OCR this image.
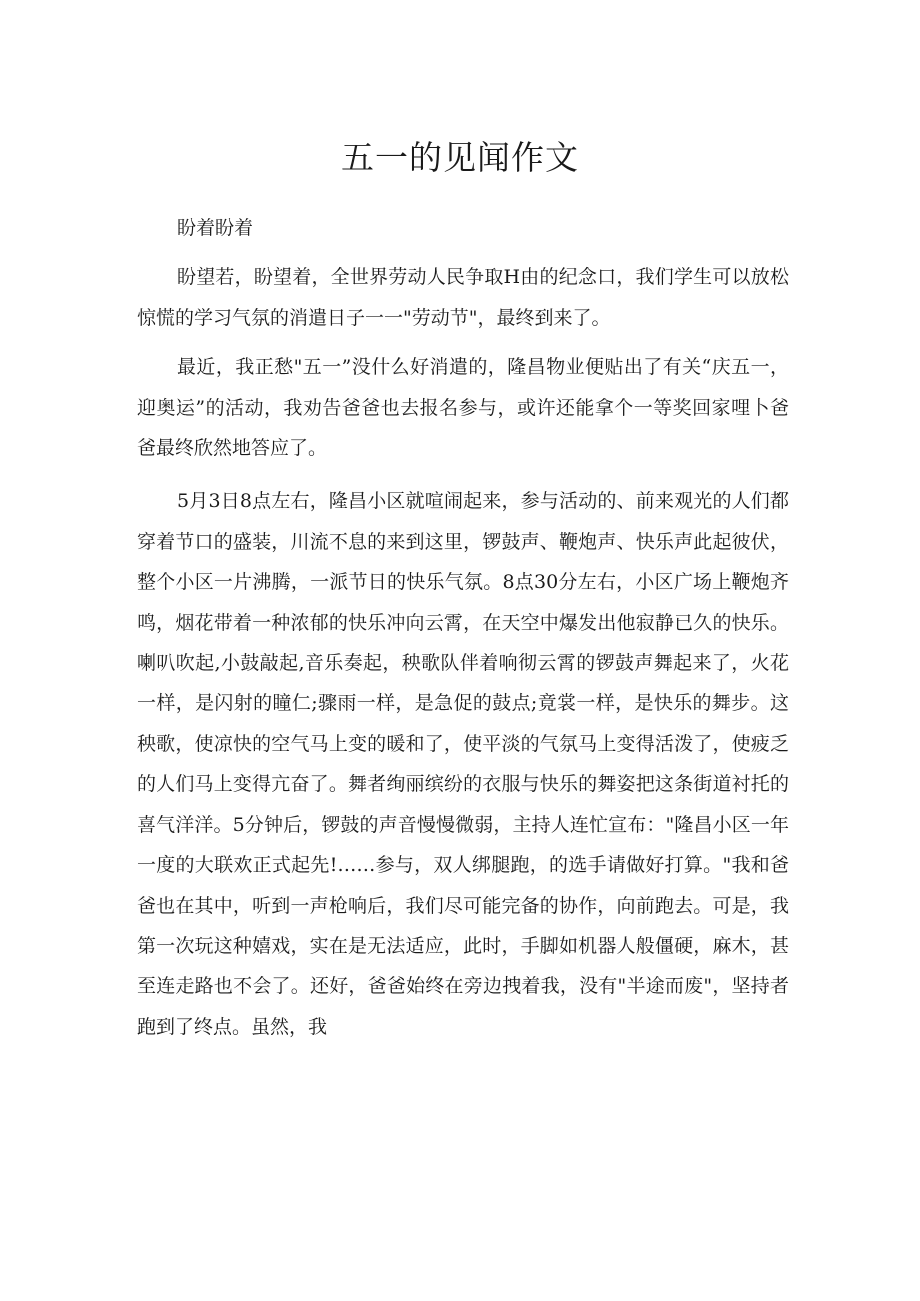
五一的见闻作文

盼着盼着

盼望若，盼望着，全世界劳动人民争取H由的纪念口，我们学生可以放松惊慌的学习气氛的消遣日子一一"劳动节"，最终到来了。

最近，我正愁"五一”没什么好消遣的，隆昌物业便贴出了有关“庆五一，迎奥运”的活动，我劝告爸爸也去报名参与，或许还能拿个一等奖回家哩卜爸爸最终欣然地答应了。

5月3日8点左右，隆昌小区就喧闹起来，参与活动的、前来观光的人们都穿着节口的盛装，川流不息的来到这里，锣鼓声、鞭炮声、快乐声此起彼伏，整个小区一片沸腾，一派节日的快乐气氛。8点30分左右，小区广场上鞭炮齐鸣，烟花带着一种浓郁的快乐冲向云霄，在天空中爆发出他寂静已久的快乐。喇叭吹起,小鼓敲起,音乐奏起，秧歌队伴着响彻云霄的锣鼓声舞起来了，火花一样，是闪射的瞳仁;骤雨一样，是急促的鼓点;竟裳一样，是快乐的舞步。这秧歌，使凉快的空气马上变的暖和了，使平淡的气氛马上变得活泼了，使疲乏的人们马上变得亢奋了。舞者绚丽缤纷的衣服与快乐的舞姿把这条街道衬托的喜气洋洋。5分钟后，锣鼓的声音慢慢微弱，主持人连忙宣布："隆昌小区一年一度的大联欢正式起先!……参与，双人绑腿跑，的选手请做好打算。"我和爸爸也在其中，听到一声枪响后，我们尽可能完备的协作，向前跑去。可是，我第一次玩这种嬉戏，实在是无法适应，此时，手脚如机器人般僵硬，麻木，甚至连走路也不会了。还好，爸爸始终在旁边拽着我，没有"半途而废"，坚持者跑到了终点。虽然，我
